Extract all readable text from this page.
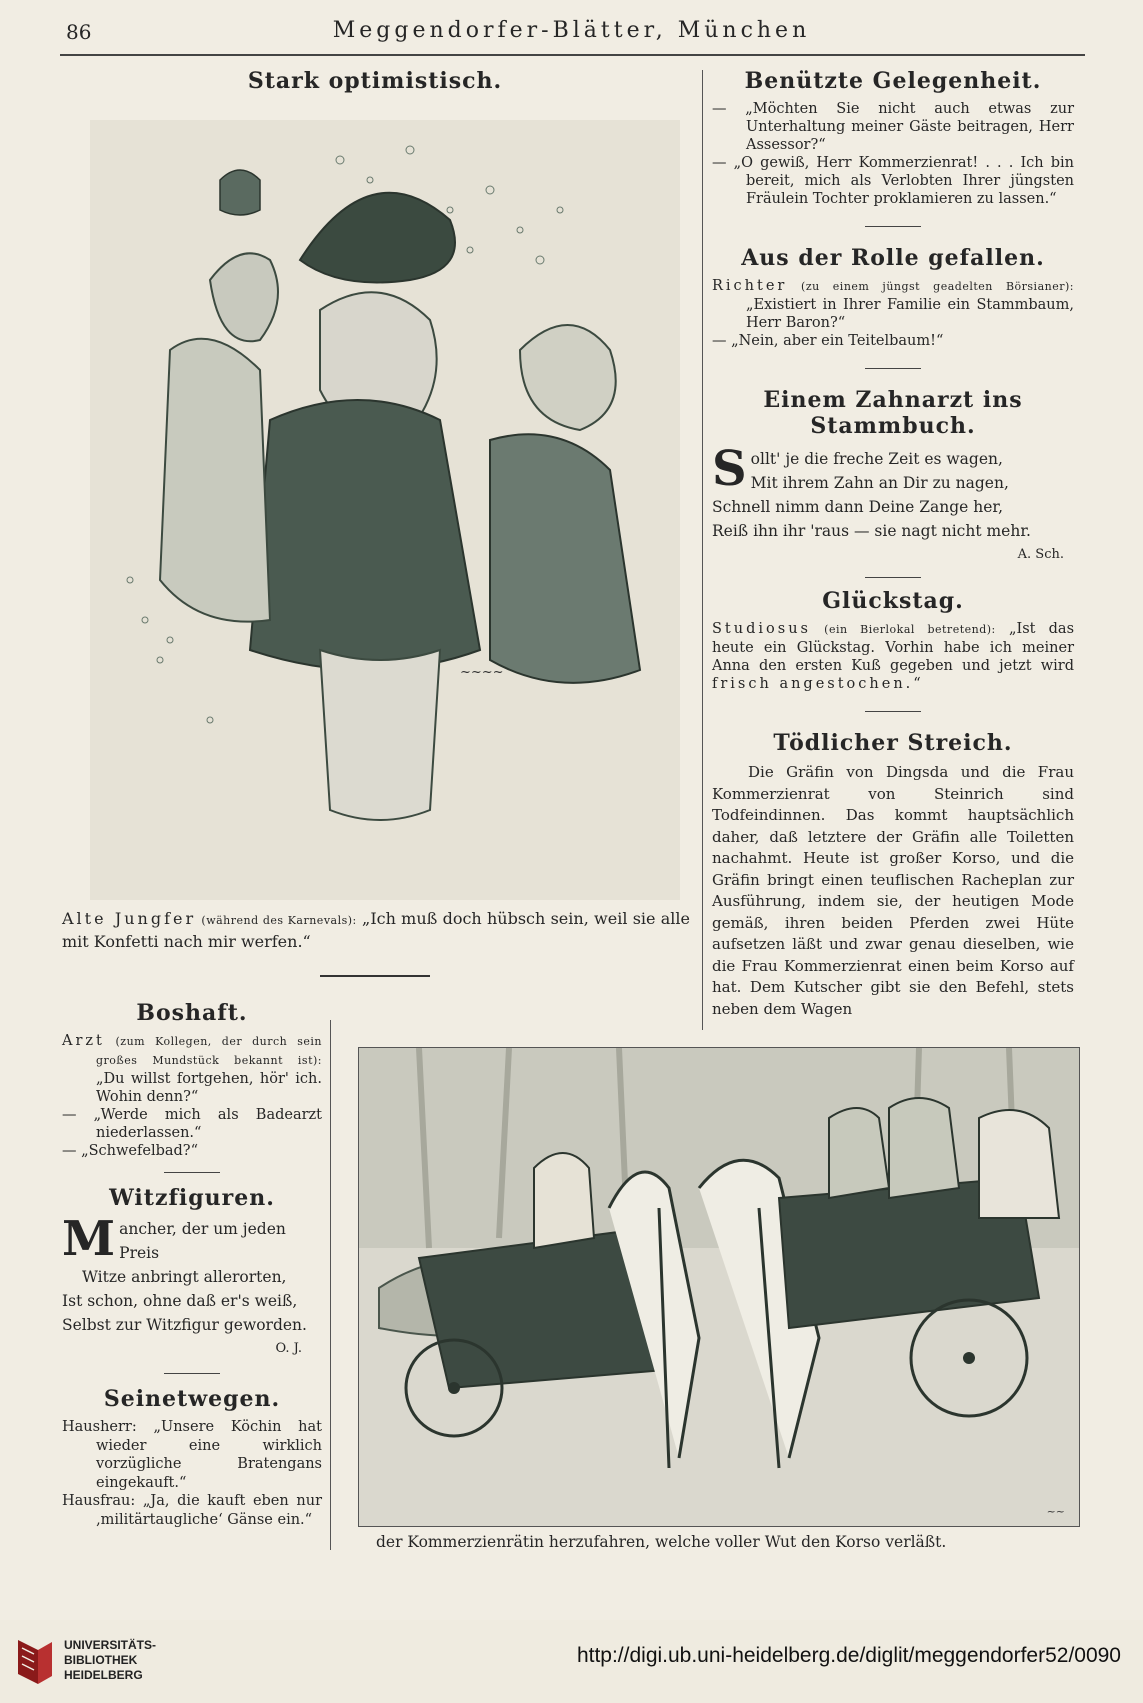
86	Meggendorfer-Blätter, München
Stark optimistisch.
~~~~
Alte Jungfer (während des Karnevals): „Ich muß doch hübsch sein, weil sie alle mit Konfetti nach mir werfen.“
Boshaft.
Arzt (zum Kollegen, der durch sein großes Mundstück bekannt ist): „Du willst fortgehen, hör' ich. Wohin denn?“
— „Werde mich als Badearzt niederlassen.“
— „Schwefelbad?“
Witzfiguren.
M ancher, der um jeden Preis
Witze anbringt allerorten,
Ist schon, ohne daß er's weiß,
Selbst zur Witzfigur geworden.
O. J.
Seinetwegen.
Hausherr: „Unsere Köchin hat wieder eine wirklich vorzügliche Bratengans eingekauft.“
Hausfrau: „Ja, die kauft eben nur ‚militärtaugliche‘ Gänse ein.“
Benützte Gelegenheit.
— „Möchten Sie nicht auch etwas zur Unterhaltung meiner Gäste beitragen, Herr Assessor?“
— „O gewiß, Herr Kommerzienrat! . . . Ich bin bereit, mich als Verlobten Ihrer jüngsten Fräulein Tochter proklamieren zu lassen.“
Aus der Rolle gefallen.
Richter (zu einem jüngst geadelten Börsianer): „Existiert in Ihrer Familie ein Stammbaum, Herr Baron?“
— „Nein, aber ein Teitelbaum!“
Einem Zahnarzt ins Stammbuch.
S ollt' je die freche Zeit es wagen,
Mit ihrem Zahn an Dir zu nagen,
Schnell nimm dann Deine Zange her,
Reiß ihn ihr 'raus — sie nagt nicht mehr.
A. Sch.
Glückstag.
Studiosus (ein Bierlokal betretend): „Ist das heute ein Glückstag. Vorhin habe ich meiner Anna den ersten Kuß gegeben und jetzt wird frisch angestochen.“
Tödlicher Streich.
Die Gräfin von Dingsda und die Frau Kommerzienrat von Steinrich sind Todfeindinnen. Das kommt hauptsächlich daher, daß letztere der Gräfin alle Toiletten nachahmt. Heute ist großer Korso, und die Gräfin bringt einen teuflischen Racheplan zur Ausführung, indem sie, der heutigen Mode gemäß, ihren beiden Pferden zwei Hüte aufsetzen läßt und zwar genau dieselben, wie die Frau Kommerzienrat einen beim Korso auf hat. Dem Kutscher gibt sie den Befehl, stets neben dem Wagen
~~
der Kommerzienrätin herzufahren, welche voller Wut den Korso verläßt.
UNIVERSITÄTS-
BIBLIOTHEK
HEIDELBERG
http://digi.ub.uni-heidelberg.de/diglit/meggendorfer52/0090
